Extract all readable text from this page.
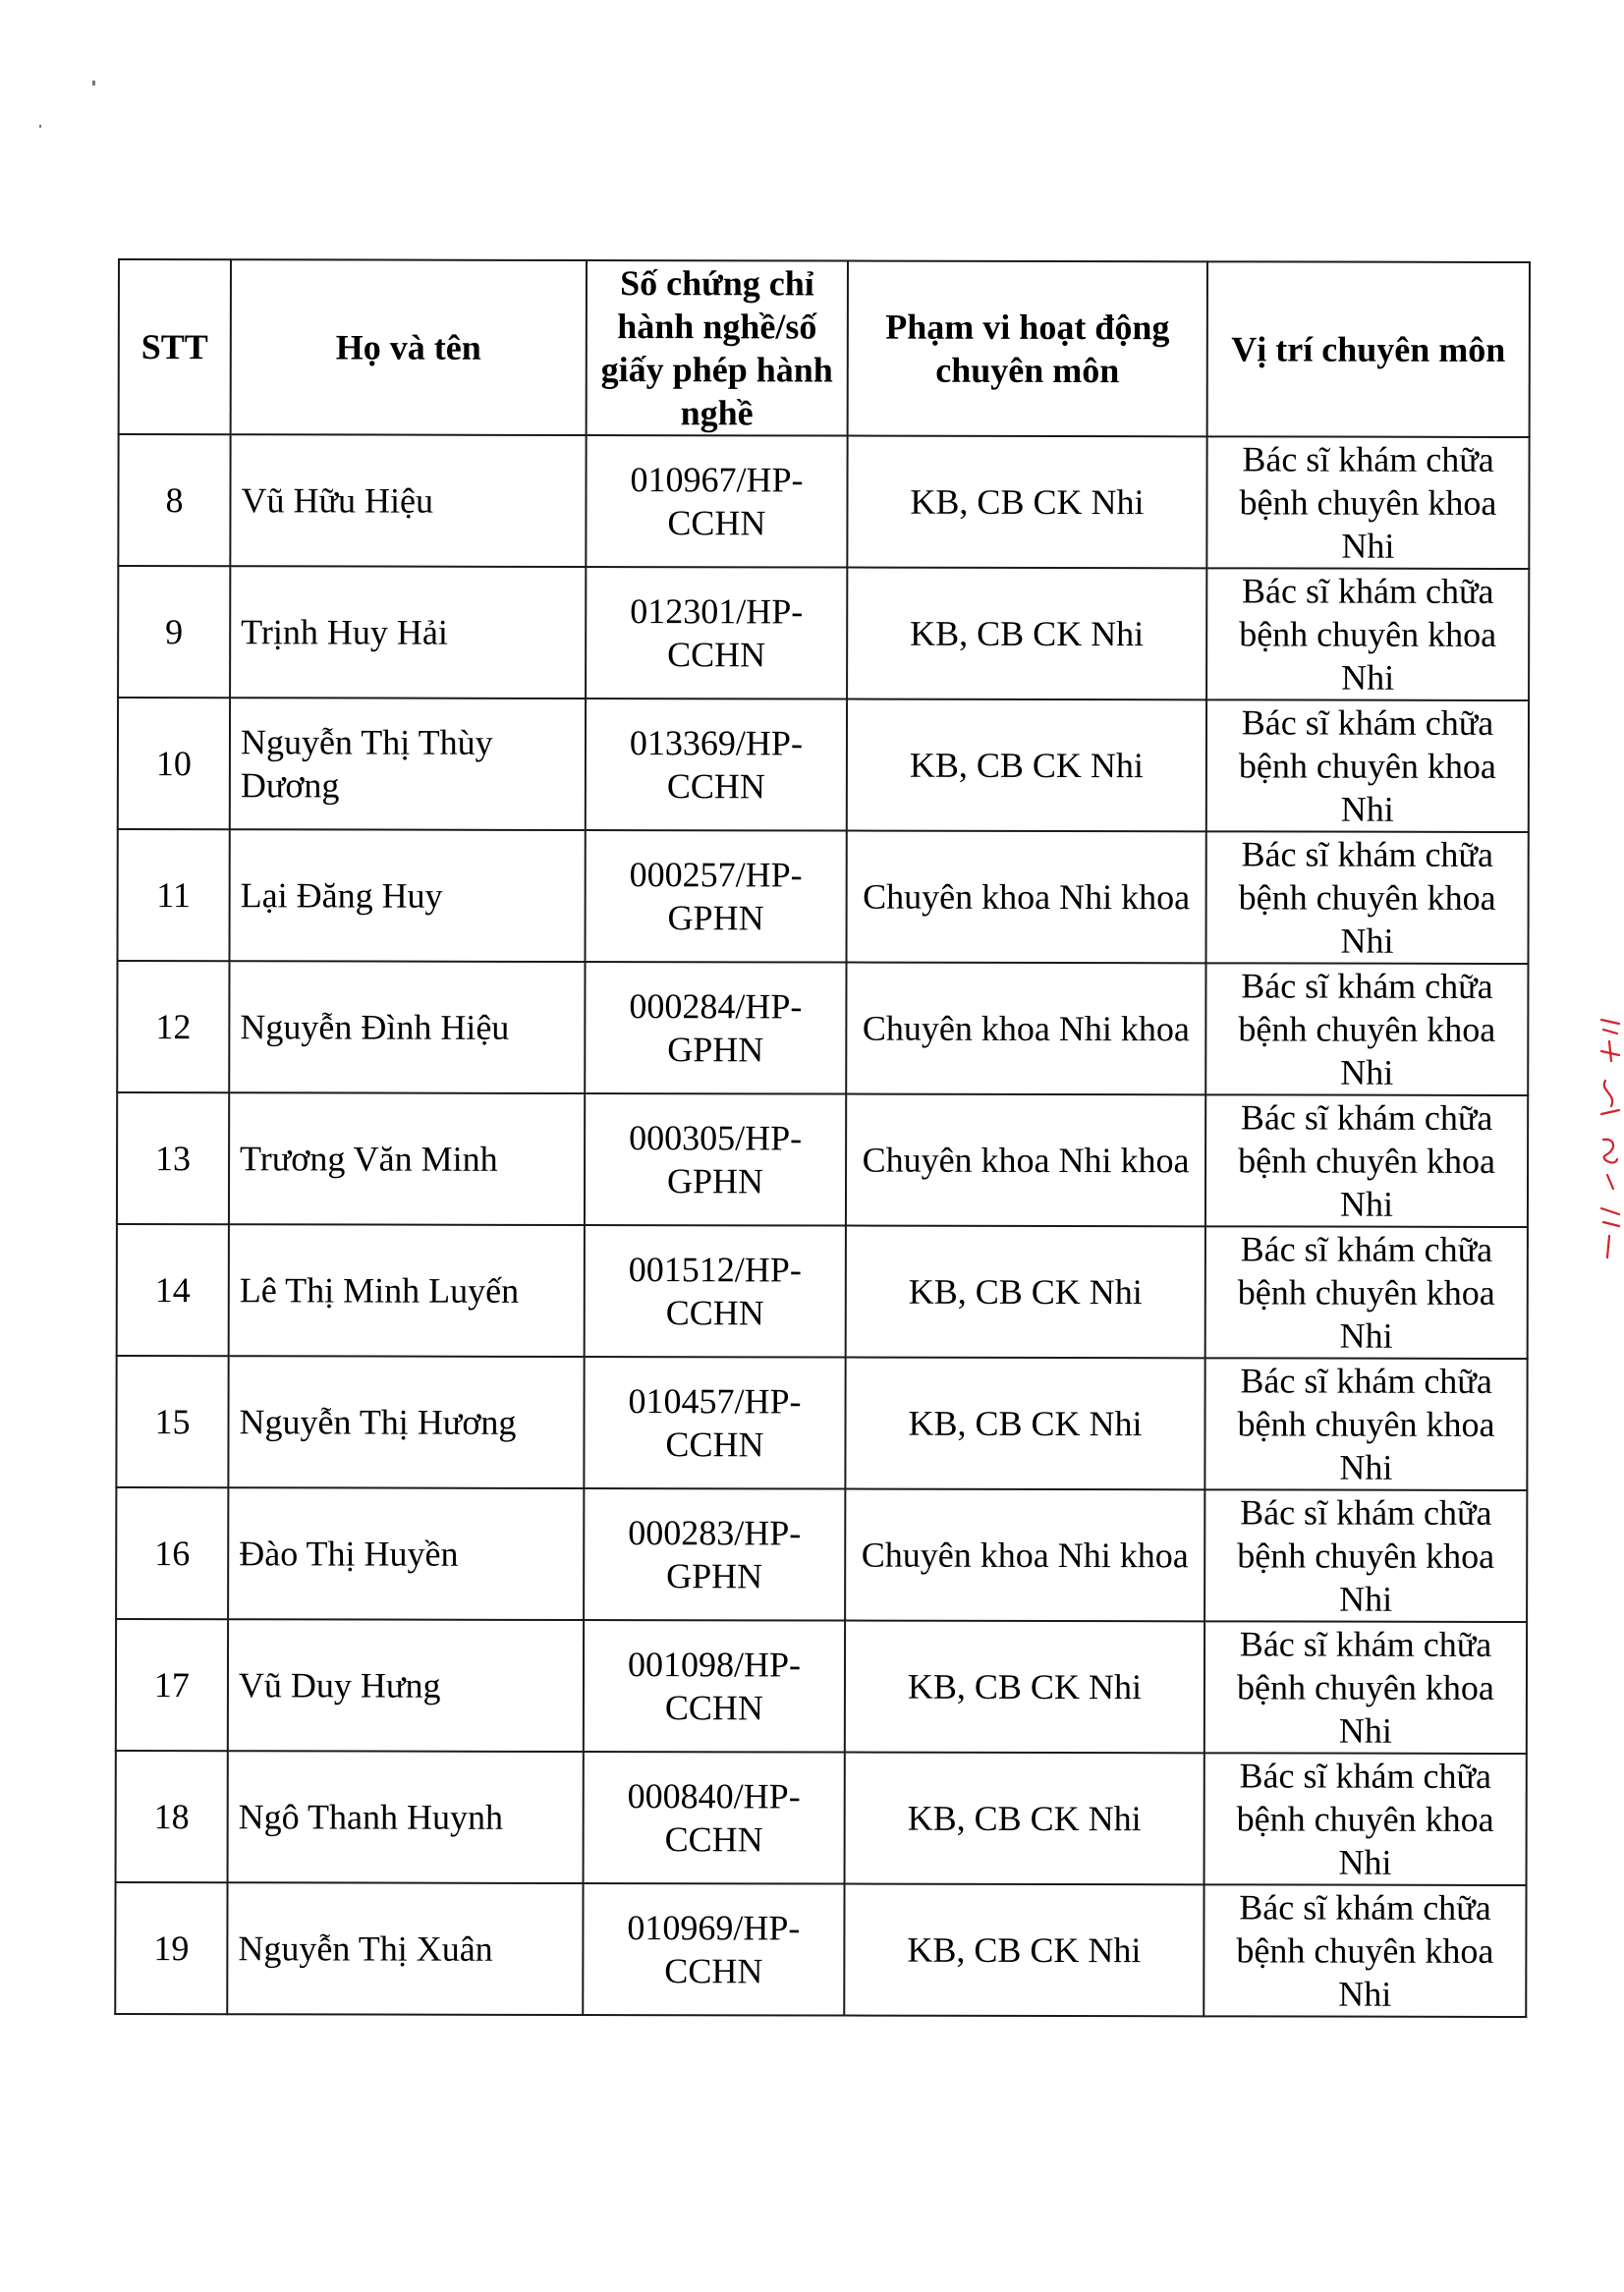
STT	Họ và tên	Số chứng chỉ hành nghề/số giấy phép hành nghề	Phạm vi hoạt động chuyên môn	Vị trí chuyên môn
8	Vũ Hữu Hiệu	010967/HP-CCHN	KB, CB CK Nhi	Bác sĩ khám chữa bệnh chuyên khoa Nhi
9	Trịnh Huy Hải	012301/HP-CCHN	KB, CB CK Nhi	Bác sĩ khám chữa bệnh chuyên khoa Nhi
10	Nguyễn Thị Thùy Dương	013369/HP-CCHN	KB, CB CK Nhi	Bác sĩ khám chữa bệnh chuyên khoa Nhi
11	Lại Đăng Huy	000257/HP-GPHN	Chuyên khoa Nhi khoa	Bác sĩ khám chữa bệnh chuyên khoa Nhi
12	Nguyễn Đình Hiệu	000284/HP-GPHN	Chuyên khoa Nhi khoa	Bác sĩ khám chữa bệnh chuyên khoa Nhi
13	Trương Văn Minh	000305/HP-GPHN	Chuyên khoa Nhi khoa	Bác sĩ khám chữa bệnh chuyên khoa Nhi
14	Lê Thị Minh Luyến	001512/HP-CCHN	KB, CB CK Nhi	Bác sĩ khám chữa bệnh chuyên khoa Nhi
15	Nguyễn Thị Hương	010457/HP-CCHN	KB, CB CK Nhi	Bác sĩ khám chữa bệnh chuyên khoa Nhi
16	Đào Thị Huyền	000283/HP-GPHN	Chuyên khoa Nhi khoa	Bác sĩ khám chữa bệnh chuyên khoa Nhi
17	Vũ Duy Hưng	001098/HP-CCHN	KB, CB CK Nhi	Bác sĩ khám chữa bệnh chuyên khoa Nhi
18	Ngô Thanh Huynh	000840/HP-CCHN	KB, CB CK Nhi	Bác sĩ khám chữa bệnh chuyên khoa Nhi
19	Nguyễn Thị Xuân	010969/HP-CCHN	KB, CB CK Nhi	Bác sĩ khám chữa bệnh chuyên khoa Nhi
